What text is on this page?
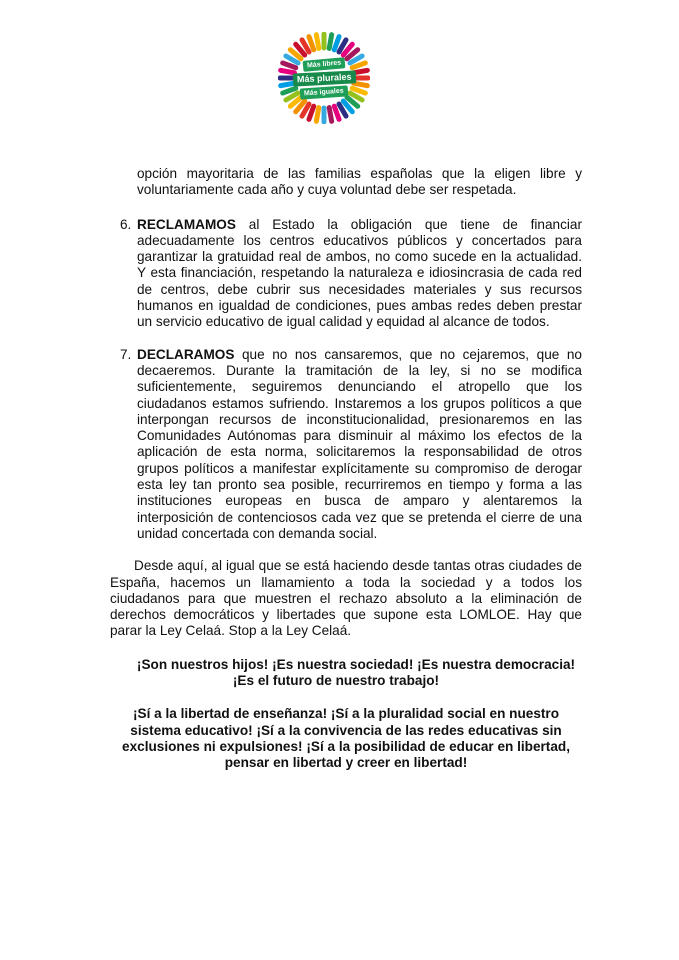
Más libres
Más plurales
Más iguales

opción mayoritaria de las familias españolas que la eligen libre y voluntariamente cada año y cuya voluntad debe ser respetada.

6. RECLAMAMOS al Estado la obligación que tiene de financiar adecuadamente los centros educativos públicos y concertados para garantizar la gratuidad real de ambos, no como sucede en la actualidad. Y esta financiación, respetando la naturaleza e idiosincrasia de cada red de centros, debe cubrir sus necesidades materiales y sus recursos humanos en igualdad de condiciones, pues ambas redes deben prestar un servicio educativo de igual calidad y equidad al alcance de todos.

7. DECLARAMOS que no nos cansaremos, que no cejaremos, que no decaeremos. Durante la tramitación de la ley, si no se modifica suficientemente, seguiremos denunciando el atropello que los ciudadanos estamos sufriendo. Instaremos a los grupos políticos a que interpongan recursos de inconstitucionalidad, presionaremos en las Comunidades Autónomas para disminuir al máximo los efectos de la aplicación de esta norma, solicitaremos la responsabilidad de otros grupos políticos a manifestar explícitamente su compromiso de derogar esta ley tan pronto sea posible, recurriremos en tiempo y forma a las instituciones europeas en busca de amparo y alentaremos la interposición de contenciosos cada vez que se pretenda el cierre de una unidad concertada con demanda social.

Desde aquí, al igual que se está haciendo desde tantas otras ciudades de España, hacemos un llamamiento a toda la sociedad y a todos los ciudadanos para que muestren el rechazo absoluto a la eliminación de derechos democráticos y libertades que supone esta LOMLOE. Hay que parar la Ley Celaá. Stop a la Ley Celaá.

¡Son nuestros hijos! ¡Es nuestra sociedad! ¡Es nuestra democracia!

¡Es el futuro de nuestro trabajo!

¡Sí a la libertad de enseñanza! ¡Sí a la pluralidad social en nuestro

sistema educativo! ¡Sí a la convivencia de las redes educativas sin

exclusiones ni expulsiones! ¡Sí a la posibilidad de educar en libertad,

pensar en libertad y creer en libertad!
